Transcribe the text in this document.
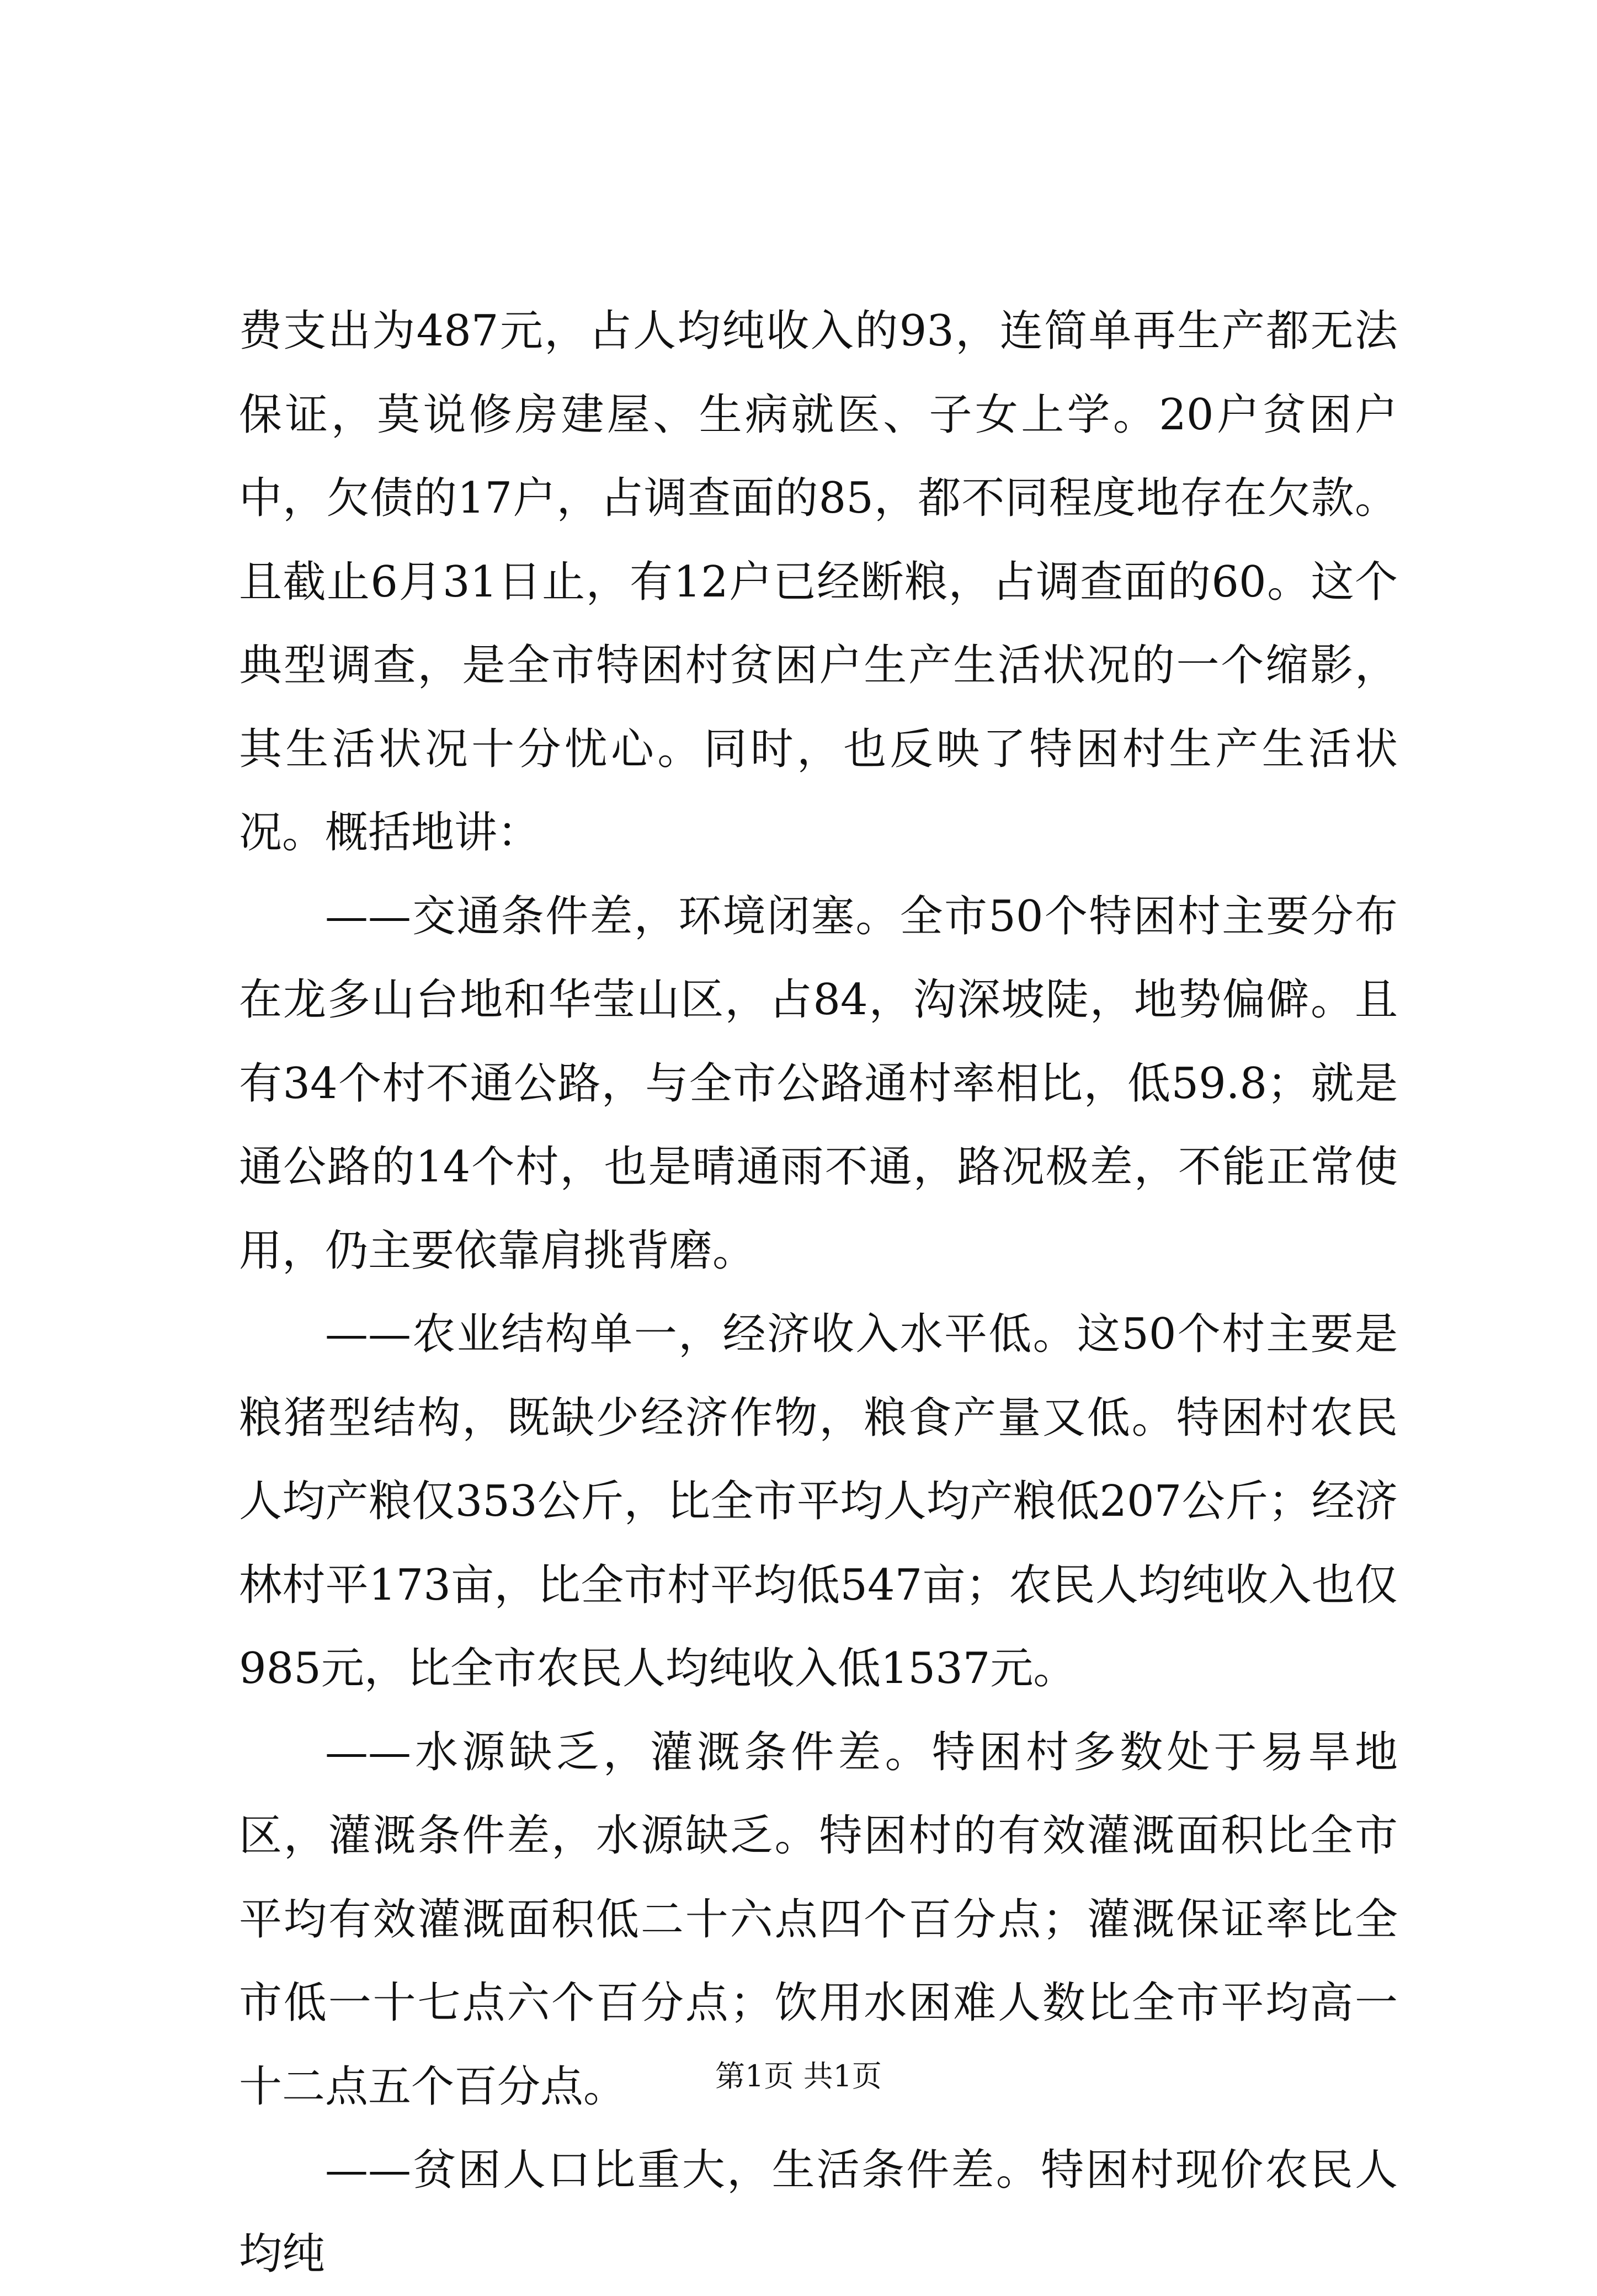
费支出为487元，占人均纯收入的93，连简单再生产都无法保证，莫说修房建屋、生病就医、子女上学。20户贫困户中，欠债的17户，占调查面的85，都不同程度地存在欠款。且截止6月31日止，有12户已经断粮，占调查面的60。这个典型调查，是全市特困村贫困户生产生活状况的一个缩影，其生活状况十分忧心。同时，也反映了特困村生产生活状况。概括地讲：

——交通条件差，环境闭塞。全市50个特困村主要分布在龙多山台地和华莹山区，占84，沟深坡陡，地势偏僻。且有34个村不通公路，与全市公路通村率相比，低59.8；就是通公路的14个村，也是晴通雨不通，路况极差，不能正常使用，仍主要依靠肩挑背磨。

——农业结构单一，经济收入水平低。这50个村主要是粮猪型结构，既缺少经济作物，粮食产量又低。特困村农民人均产粮仅353公斤，比全市平均人均产粮低207公斤；经济林村平173亩，比全市村平均低547亩；农民人均纯收入也仅985元，比全市农民人均纯收入低1537元。

——水源缺乏，灌溉条件差。特困村多数处于易旱地区，灌溉条件差，水源缺乏。特困村的有效灌溉面积比全市平均有效灌溉面积低二十六点四个百分点；灌溉保证率比全市低一十七点六个百分点；饮用水困难人数比全市平均高一十二点五个百分点。

——贫困人口比重大，生活条件差。特困村现价农民人均纯

第1页 共1页
